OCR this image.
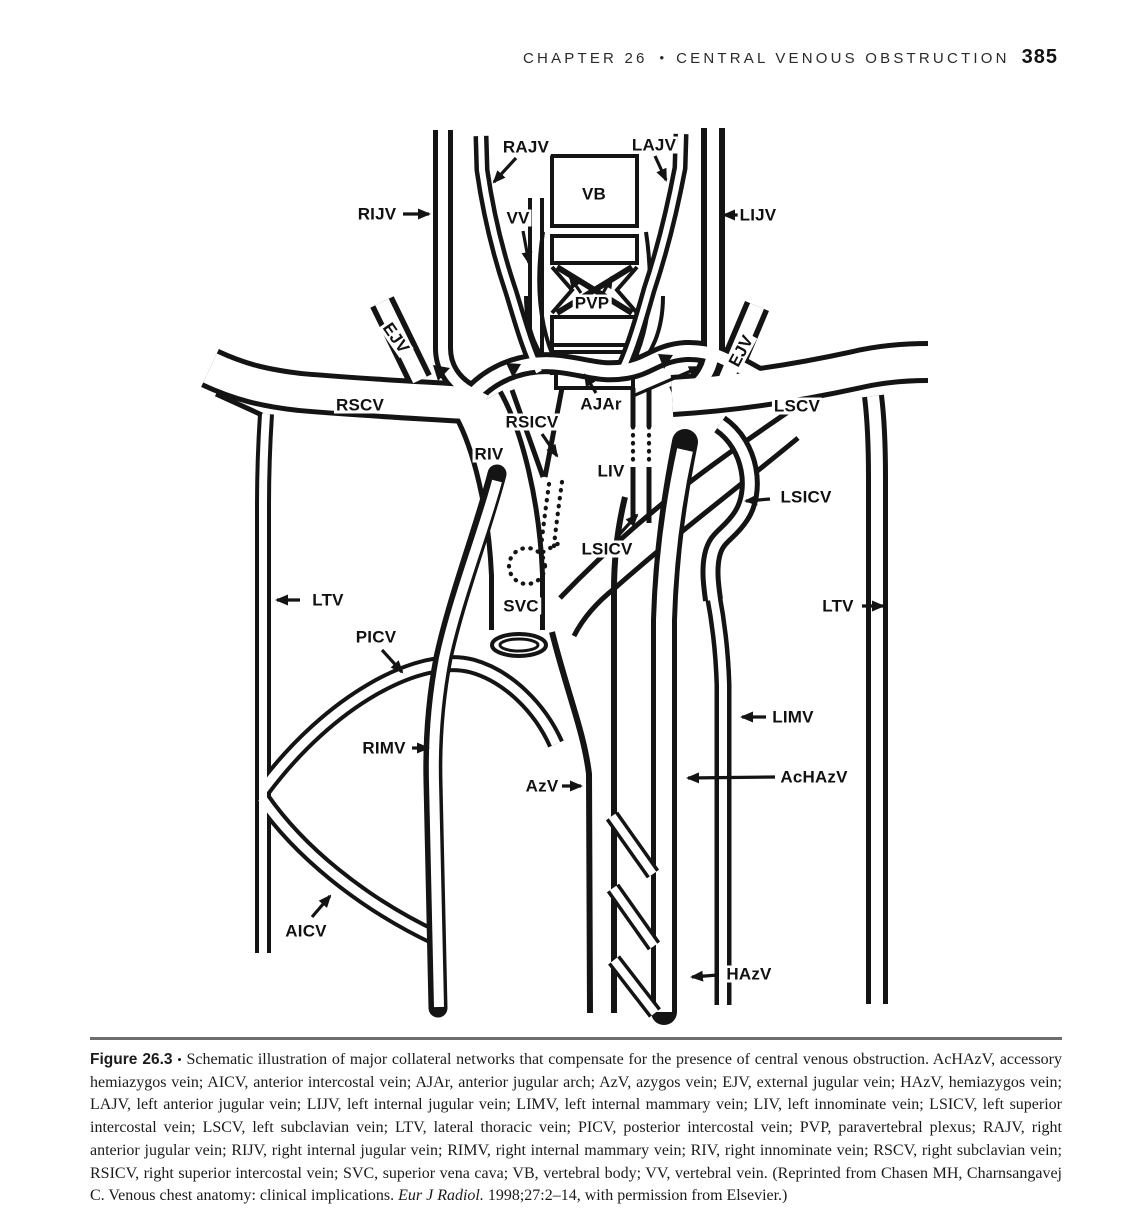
CHAPTER 26 • CENTRAL VENOUS OBSTRUCTION 385
RAJV	LAJV
RIJV	LIJV
VB
VV
PVP
EJV	EJV
RSCV	LSCV
AJAr
RSICV
RIV
LIV
LSICV
LSICV
SVC
LTV	LTV
PICV
RIMV
LIMV
AzV	AcHAzV
AICV
HAzV
Figure 26.3 • Schematic illustration of major collateral networks that compensate for the presence of central venous obstruction. AcHAzV, accessory hemiazygos vein; AICV, anterior intercostal vein; AJAr, anterior jugular arch; AzV, azygos vein; EJV, external jugular vein; HAzV, hemiazygos vein; LAJV, left anterior jugular vein; LIJV, left internal jugular vein; LIMV, left internal mammary vein; LIV, left innominate vein; LSICV, left superior intercostal vein; LSCV, left subclavian vein; LTV, lateral thoracic vein; PICV, posterior intercostal vein; PVP, paravertebral plexus; RAJV, right anterior jugular vein; RIJV, right internal jugular vein; RIMV, right internal mammary vein; RIV, right innominate vein; RSCV, right subclavian vein; RSICV, right superior intercostal vein; SVC, superior vena cava; VB, vertebral body; VV, vertebral vein. (Reprinted from Chasen MH, Charnsangavej C. Venous chest anatomy: clinical implications. Eur J Radiol. 1998;27:2–14, with permission from Elsevier.)
